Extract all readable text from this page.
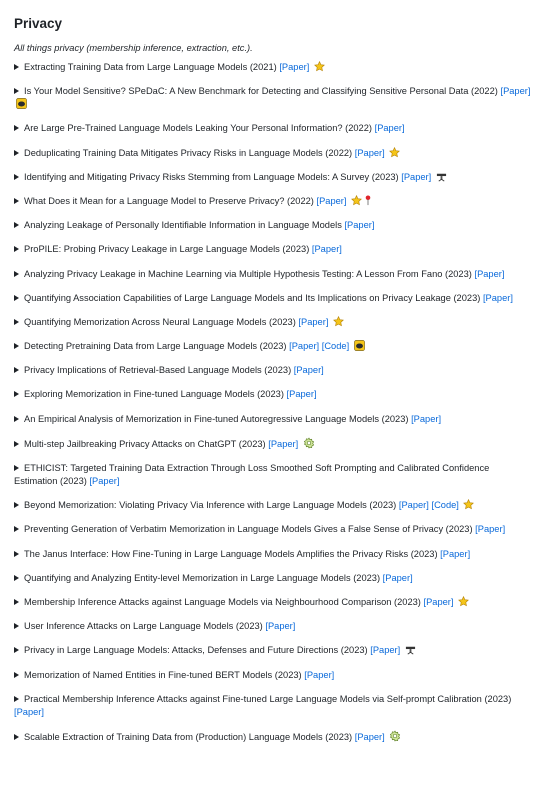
Privacy
All things privacy (membership inference, extraction, etc.).
Extracting Training Data from Large Language Models (2021) [Paper]
Is Your Model Sensitive? SPeDaC: A New Benchmark for Detecting and Classifying Sensitive Personal Data (2022) [Paper]
Are Large Pre-Trained Language Models Leaking Your Personal Information? (2022) [Paper]
Deduplicating Training Data Mitigates Privacy Risks in Language Models (2022) [Paper]
Identifying and Mitigating Privacy Risks Stemming from Language Models: A Survey (2023) [Paper]
What Does it Mean for a Language Model to Preserve Privacy? (2022) [Paper]
Analyzing Leakage of Personally Identifiable Information in Language Models [Paper]
ProPILE: Probing Privacy Leakage in Large Language Models (2023) [Paper]
Analyzing Privacy Leakage in Machine Learning via Multiple Hypothesis Testing: A Lesson From Fano (2023) [Paper]
Quantifying Association Capabilities of Large Language Models and Its Implications on Privacy Leakage (2023) [Paper]
Quantifying Memorization Across Neural Language Models (2023) [Paper]
Detecting Pretraining Data from Large Language Models (2023) [Paper] [Code]
Privacy Implications of Retrieval-Based Language Models (2023) [Paper]
Exploring Memorization in Fine-tuned Language Models (2023) [Paper]
An Empirical Analysis of Memorization in Fine-tuned Autoregressive Language Models (2023) [Paper]
Multi-step Jailbreaking Privacy Attacks on ChatGPT (2023) [Paper]
ETHICIST: Targeted Training Data Extraction Through Loss Smoothed Soft Prompting and Calibrated Confidence Estimation (2023) [Paper]
Beyond Memorization: Violating Privacy Via Inference with Large Language Models (2023) [Paper] [Code]
Preventing Generation of Verbatim Memorization in Language Models Gives a False Sense of Privacy (2023) [Paper]
The Janus Interface: How Fine-Tuning in Large Language Models Amplifies the Privacy Risks (2023) [Paper]
Quantifying and Analyzing Entity-level Memorization in Large Language Models (2023) [Paper]
Membership Inference Attacks against Language Models via Neighbourhood Comparison (2023) [Paper]
User Inference Attacks on Large Language Models (2023) [Paper]
Privacy in Large Language Models: Attacks, Defenses and Future Directions (2023) [Paper]
Memorization of Named Entities in Fine-tuned BERT Models (2023) [Paper]
Practical Membership Inference Attacks against Fine-tuned Large Language Models via Self-prompt Calibration (2023) [Paper]
Scalable Extraction of Training Data from (Production) Language Models (2023) [Paper]
